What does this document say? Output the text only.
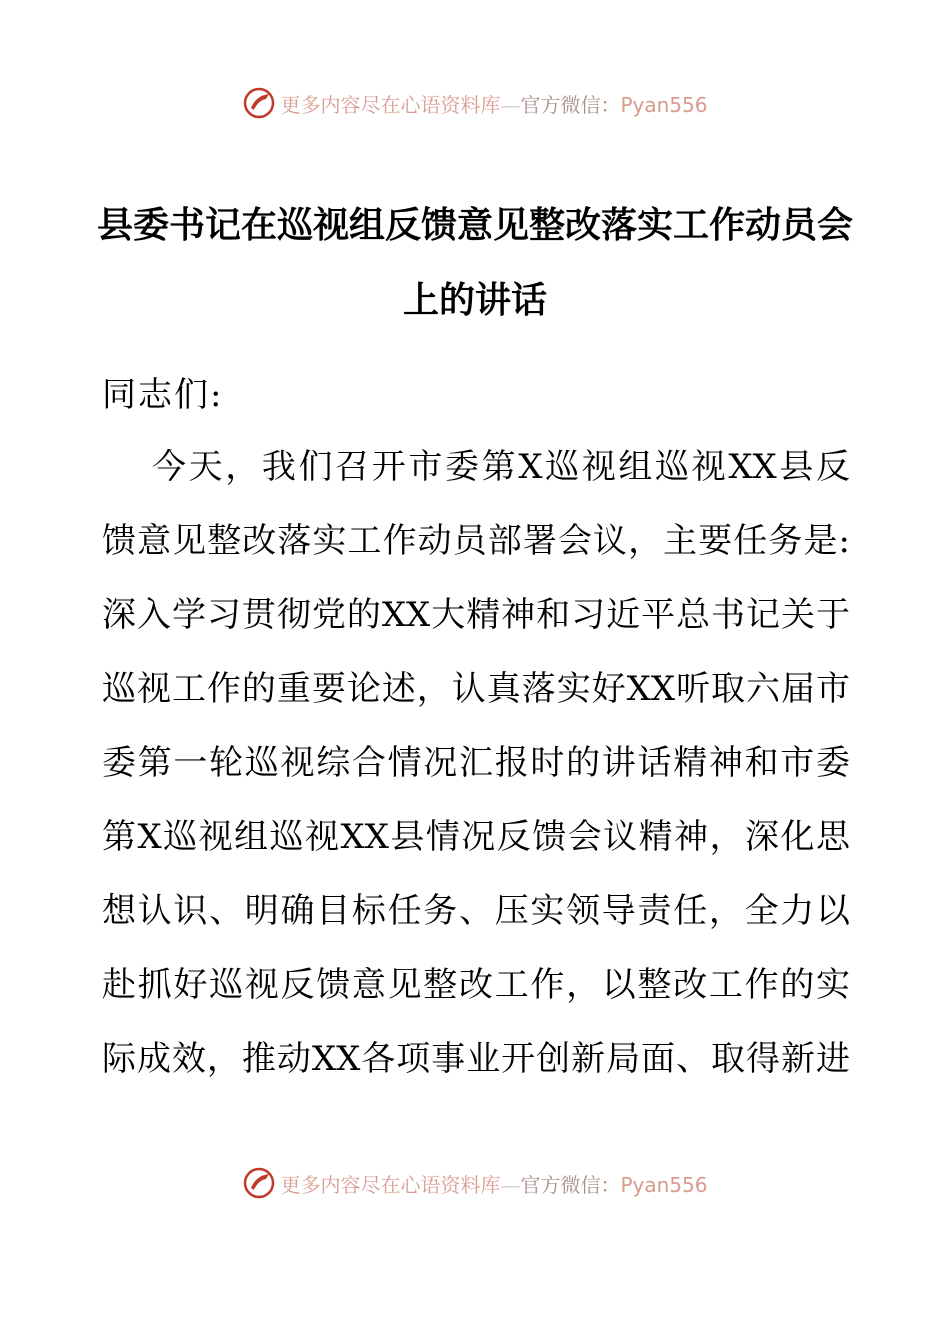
更多内容尽在心语资料库—官方微信：Pyan556
县委书记在巡视组反馈意见整改落实工作动员会
上的讲话
同志们:
今天，我们召开市委第X巡视组巡视XX县反
馈意见整改落实工作动员部署会议，主要任务是:
深入学习贯彻党的XX大精神和习近平总书记关于
巡视工作的重要论述，认真落实好XX听取六届市
委第一轮巡视综合情况汇报时的讲话精神和市委
第X巡视组巡视XX县情况反馈会议精神，深化思
想认识、明确目标任务、压实领导责任，全力以
赴抓好巡视反馈意见整改工作，以整改工作的实
际成效，推动XX各项事业开创新局面、取得新进
更多内容尽在心语资料库—官方微信：Pyan556
